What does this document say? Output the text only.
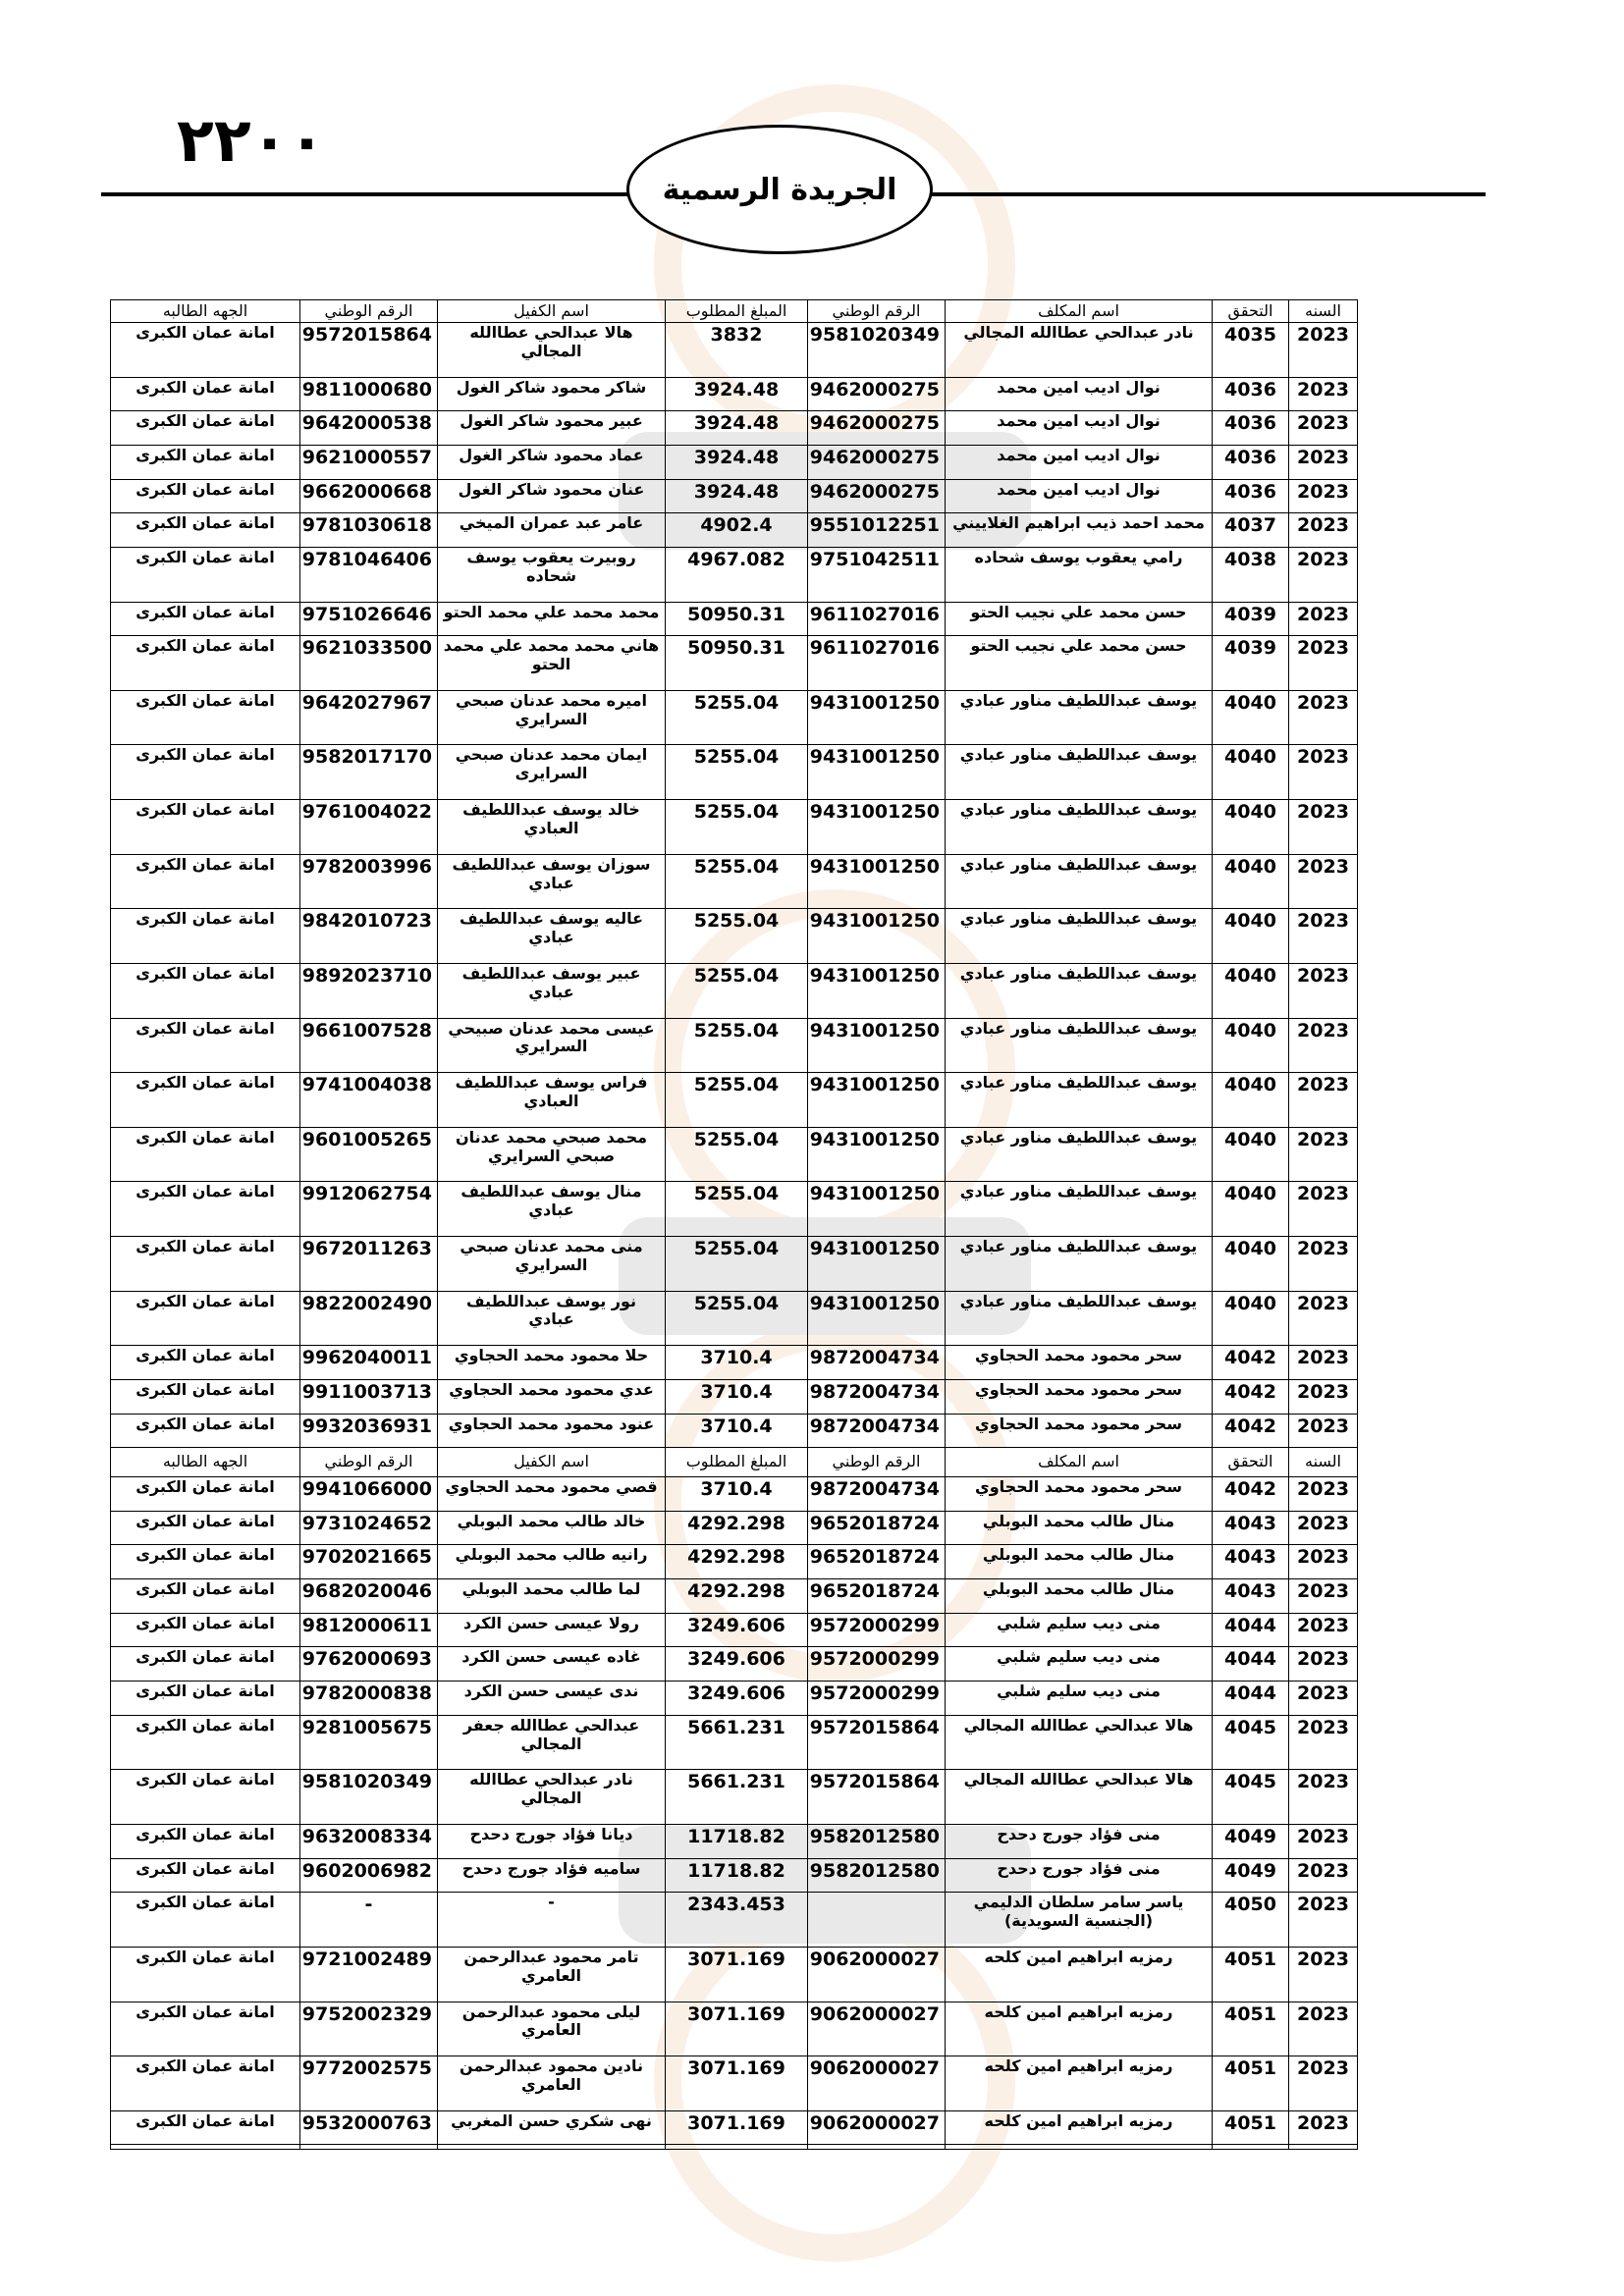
٢٢٠٠
الجريدة الرسمية
السنه	التحقق	اسم المكلف	الرقم الوطني	المبلغ المطلوب	اسم الكفيل	الرقم الوطني	الجهه الطالبه
2023	4035	نادر عبدالحي عطاالله المجالي	9581020349	3832	هالا عبدالحي عطاالله المجالي	9572015864	امانة عمان الكبرى
2023	4036	نوال اديب امين محمد	9462000275	3924.48	شاكر محمود شاكر الغول	9811000680	امانة عمان الكبرى
2023	4036	نوال اديب امين محمد	9462000275	3924.48	عبير محمود شاكر الغول	9642000538	امانة عمان الكبرى
2023	4036	نوال اديب امين محمد	9462000275	3924.48	عماد محمود شاكر الغول	9621000557	امانة عمان الكبرى
2023	4036	نوال اديب امين محمد	9462000275	3924.48	عنان محمود شاكر الغول	9662000668	امانة عمان الكبرى
2023	4037	محمد احمد ذيب ابراهيم الغلاييني	9551012251	4902.4	عامر عبد عمران الميخي	9781030618	امانة عمان الكبرى
2023	4038	رامي يعقوب يوسف شحاده	9751042511	4967.082	روبيرت يعقوب يوسف شحاده	9781046406	امانة عمان الكبرى
2023	4039	حسن محمد علي نجيب الحتو	9611027016	50950.31	محمد محمد علي محمد الحتو	9751026646	امانة عمان الكبرى
2023	4039	حسن محمد علي نجيب الحتو	9611027016	50950.31	هاني محمد محمد علي محمد الحتو	9621033500	امانة عمان الكبرى
2023	4040	يوسف عبداللطيف مناور عبادي	9431001250	5255.04	اميره محمد عدنان صبحي السرايري	9642027967	امانة عمان الكبرى
2023	4040	يوسف عبداللطيف مناور عبادي	9431001250	5255.04	ايمان محمد عدنان صبحي السرايرى	9582017170	امانة عمان الكبرى
2023	4040	يوسف عبداللطيف مناور عبادي	9431001250	5255.04	خالد يوسف عبداللطيف العبادي	9761004022	امانة عمان الكبرى
2023	4040	يوسف عبداللطيف مناور عبادي	9431001250	5255.04	سوزان يوسف عبداللطيف عبادي	9782003996	امانة عمان الكبرى
2023	4040	يوسف عبداللطيف مناور عبادي	9431001250	5255.04	عاليه يوسف عبداللطيف عبادي	9842010723	امانة عمان الكبرى
2023	4040	يوسف عبداللطيف مناور عبادي	9431001250	5255.04	عبير يوسف عبداللطيف عبادي	9892023710	امانة عمان الكبرى
2023	4040	يوسف عبداللطيف مناور عبادي	9431001250	5255.04	عيسى محمد عدنان صبيحي السرايري	9661007528	امانة عمان الكبرى
2023	4040	يوسف عبداللطيف مناور عبادي	9431001250	5255.04	فراس يوسف عبداللطيف العبادي	9741004038	امانة عمان الكبرى
2023	4040	يوسف عبداللطيف مناور عبادي	9431001250	5255.04	محمد صبحي محمد عدنان صبحي السرايري	9601005265	امانة عمان الكبرى
2023	4040	يوسف عبداللطيف مناور عبادي	9431001250	5255.04	منال يوسف عبداللطيف عبادي	9912062754	امانة عمان الكبرى
2023	4040	يوسف عبداللطيف مناور عبادي	9431001250	5255.04	منى محمد عدنان صبحي السرايري	9672011263	امانة عمان الكبرى
2023	4040	يوسف عبداللطيف مناور عبادي	9431001250	5255.04	نور يوسف عبداللطيف عبادي	9822002490	امانة عمان الكبرى
2023	4042	سحر محمود محمد الحجاوي	9872004734	3710.4	حلا محمود محمد الحجاوي	9962040011	امانة عمان الكبرى
2023	4042	سحر محمود محمد الحجاوي	9872004734	3710.4	عدي محمود محمد الحجاوي	9911003713	امانة عمان الكبرى
2023	4042	سحر محمود محمد الحجاوي	9872004734	3710.4	عنود محمود محمد الحجاوي	9932036931	امانة عمان الكبرى
السنه	التحقق	اسم المكلف	الرقم الوطني	المبلغ المطلوب	اسم الكفيل	الرقم الوطني	الجهه الطالبه
2023	4042	سحر محمود محمد الحجاوي	9872004734	3710.4	قصي محمود محمد الحجاوي	9941066000	امانة عمان الكبرى
2023	4043	منال طالب محمد البوبلي	9652018724	4292.298	خالد طالب محمد البوبلي	9731024652	امانة عمان الكبرى
2023	4043	منال طالب محمد البوبلي	9652018724	4292.298	رانيه طالب محمد البوبلي	9702021665	امانة عمان الكبرى
2023	4043	منال طالب محمد البوبلي	9652018724	4292.298	لما طالب محمد البوبلي	9682020046	امانة عمان الكبرى
2023	4044	منى ديب سليم شلبي	9572000299	3249.606	رولا عيسى حسن الكرد	9812000611	امانة عمان الكبرى
2023	4044	منى ديب سليم شلبي	9572000299	3249.606	غاده عيسى حسن الكرد	9762000693	امانة عمان الكبرى
2023	4044	منى ديب سليم شلبي	9572000299	3249.606	ندى عيسى حسن الكرد	9782000838	امانة عمان الكبرى
2023	4045	هالا عبدالحي عطاالله المجالي	9572015864	5661.231	عبدالحي عطاالله جعفر المجالي	9281005675	امانة عمان الكبرى
2023	4045	هالا عبدالحي عطاالله المجالي	9572015864	5661.231	نادر عبدالحي عطاالله المجالي	9581020349	امانة عمان الكبرى
2023	4049	منى فؤاد جورج دحدح	9582012580	11718.82	ديانا فؤاد جورج دحدح	9632008334	امانة عمان الكبرى
2023	4049	منى فؤاد جورج دحدح	9582012580	11718.82	ساميه فؤاد جورج دحدح	9602006982	امانة عمان الكبرى
2023	4050	ياسر سامر سلطان الدليمي (الجنسية السويدية)		2343.453	-	-	امانة عمان الكبرى
2023	4051	رمزيه ابراهيم امين كلحه	9062000027	3071.169	تامر محمود عبدالرحمن العامري	9721002489	امانة عمان الكبرى
2023	4051	رمزيه ابراهيم امين كلحه	9062000027	3071.169	ليلى محمود عبدالرحمن العامري	9752002329	امانة عمان الكبرى
2023	4051	رمزيه ابراهيم امين كلحه	9062000027	3071.169	نادين محمود عبدالرحمن العامري	9772002575	امانة عمان الكبرى
2023	4051	رمزيه ابراهيم امين كلحه	9062000027	3071.169	نهى شكري حسن المغربي	9532000763	امانة عمان الكبرى
